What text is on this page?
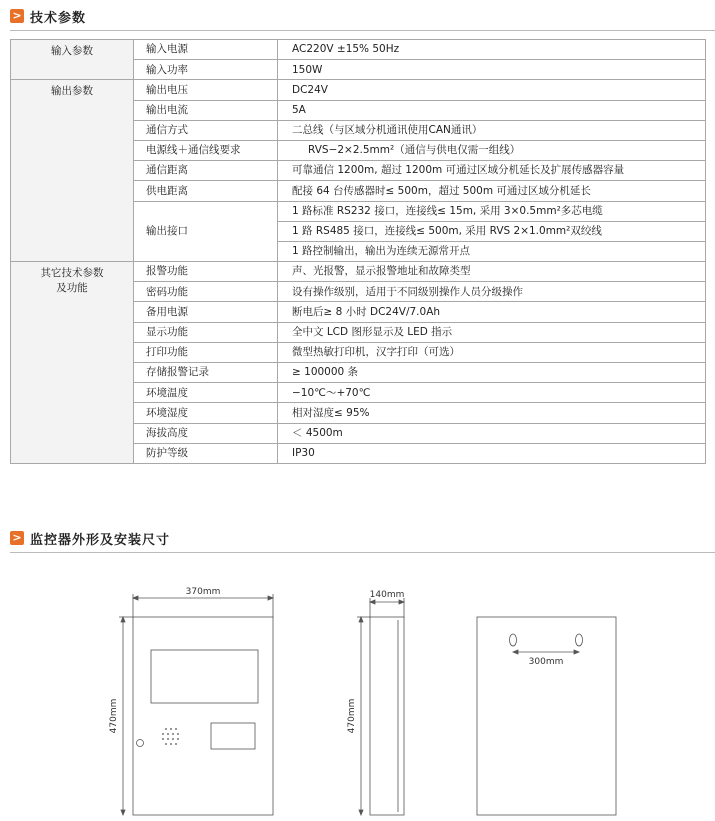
> 技术参数
输入参数	输入电源	AC220V ±15% 50Hz
	输入功率	150W
输出参数	输出电压	DC24V
	输出电流	5A
	通信方式	二总线（与区域分机通讯使用CAN通讯）
	电源线＋通信线要求	RVS−2×2.5mm²（通信与供电仅需一组线）
	通信距离	可靠通信 1200m, 超过 1200m 可通过区域分机延长及扩展传感器容量
	供电距离	配接 64 台传感器时≤ 500m，超过 500m 可通过区域分机延长
	输出接口	1 路标准 RS232 接口，连接线≤ 15m, 采用 3×0.5mm²多芯电缆
		1 路 RS485 接口，连接线≤ 500m, 采用 RVS 2×1.0mm²双绞线
		1 路控制输出，输出为连续无源常开点
其它技术参数
及功能	报警功能	声、光报警，显示报警地址和故障类型
	密码功能	设有操作级别，适用于不同级别操作人员分级操作
	备用电源	断电后≥ 8 小时 DC24V/7.0Ah
	显示功能	全中文 LCD 图形显示及 LED 指示
	打印功能	微型热敏打印机，汉字打印（可选）
	存储报警记录	≥ 100000 条
	环境温度	−10℃～+70℃
	环境湿度	相对湿度≤ 95%
	海拔高度	＜ 4500m
	防护等级	IP30
> 监控器外形及安装尺寸
370mm
470mm
140mm
470mm
300mm
